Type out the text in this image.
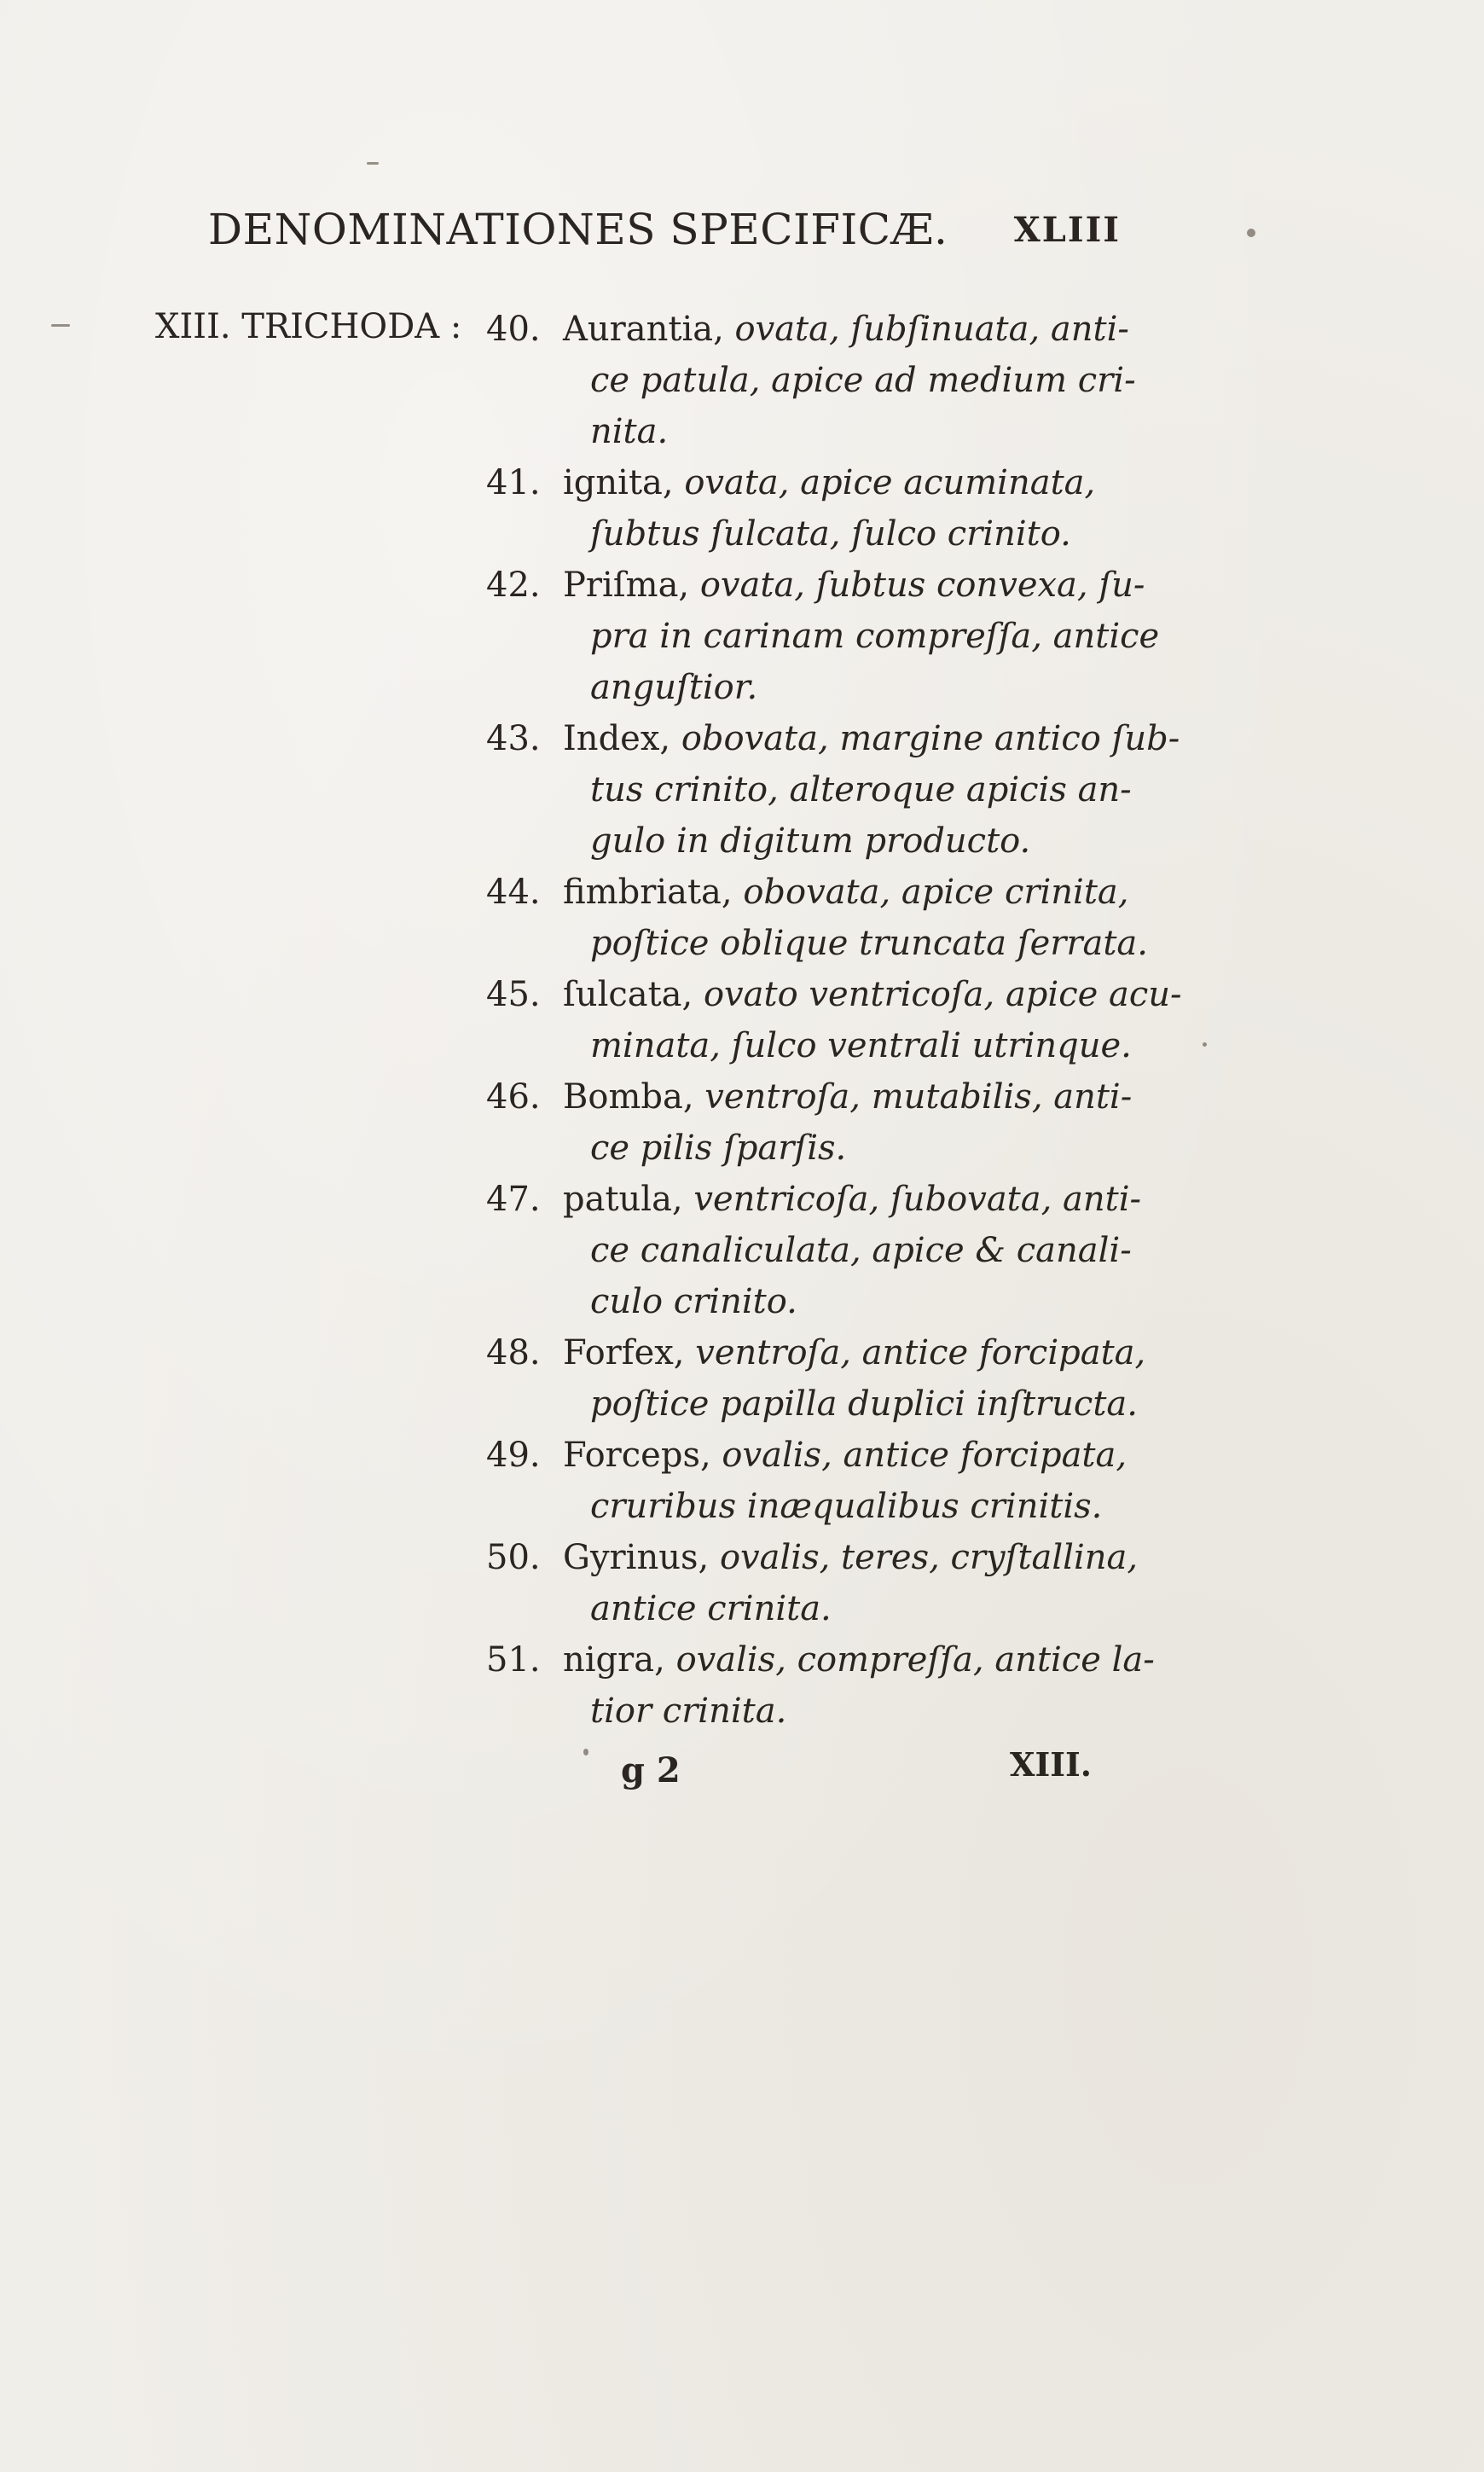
DENOMINATIONES SPECIFICÆ. XLIII
XIII. TRICHODA : 40. Aurantia, ovata, ſubſinuata, anti-
ce patula, apice ad medium cri-
nita.
41. ignita, ovata, apice acuminata,
ſubtus ſulcata, ſulco crinito.
42. Priſma, ovata, ſubtus convexa, ſu-
pra in carinam compreſſa, antice
anguſtior.
43. Index, obovata, margine antico ſub-
tus crinito, alteroque apicis an-
gulo in digitum producto.
44. fimbriata, obovata, apice crinita,
poſtice oblique truncata ſerrata.
45. ſulcata, ovato ventricoſa, apice acu-
minata, ſulco ventrali utrinque.
46. Bomba, ventroſa, mutabilis, anti-
ce pilis ſparſis.
47. patula, ventricoſa, ſubovata, anti-
ce canaliculata, apice & canali-
culo crinito.
48. Forfex, ventroſa, antice forcipata,
poſtice papilla duplici inſtructa.
49. Forceps, ovalis, antice forcipata,
cruribus inæqualibus crinitis.
50. Gyrinus, ovalis, teres, cryſtallina,
antice crinita.
51. nigra, ovalis, compreſſa, antice la-
tior crinita.
g 2	XIII.
